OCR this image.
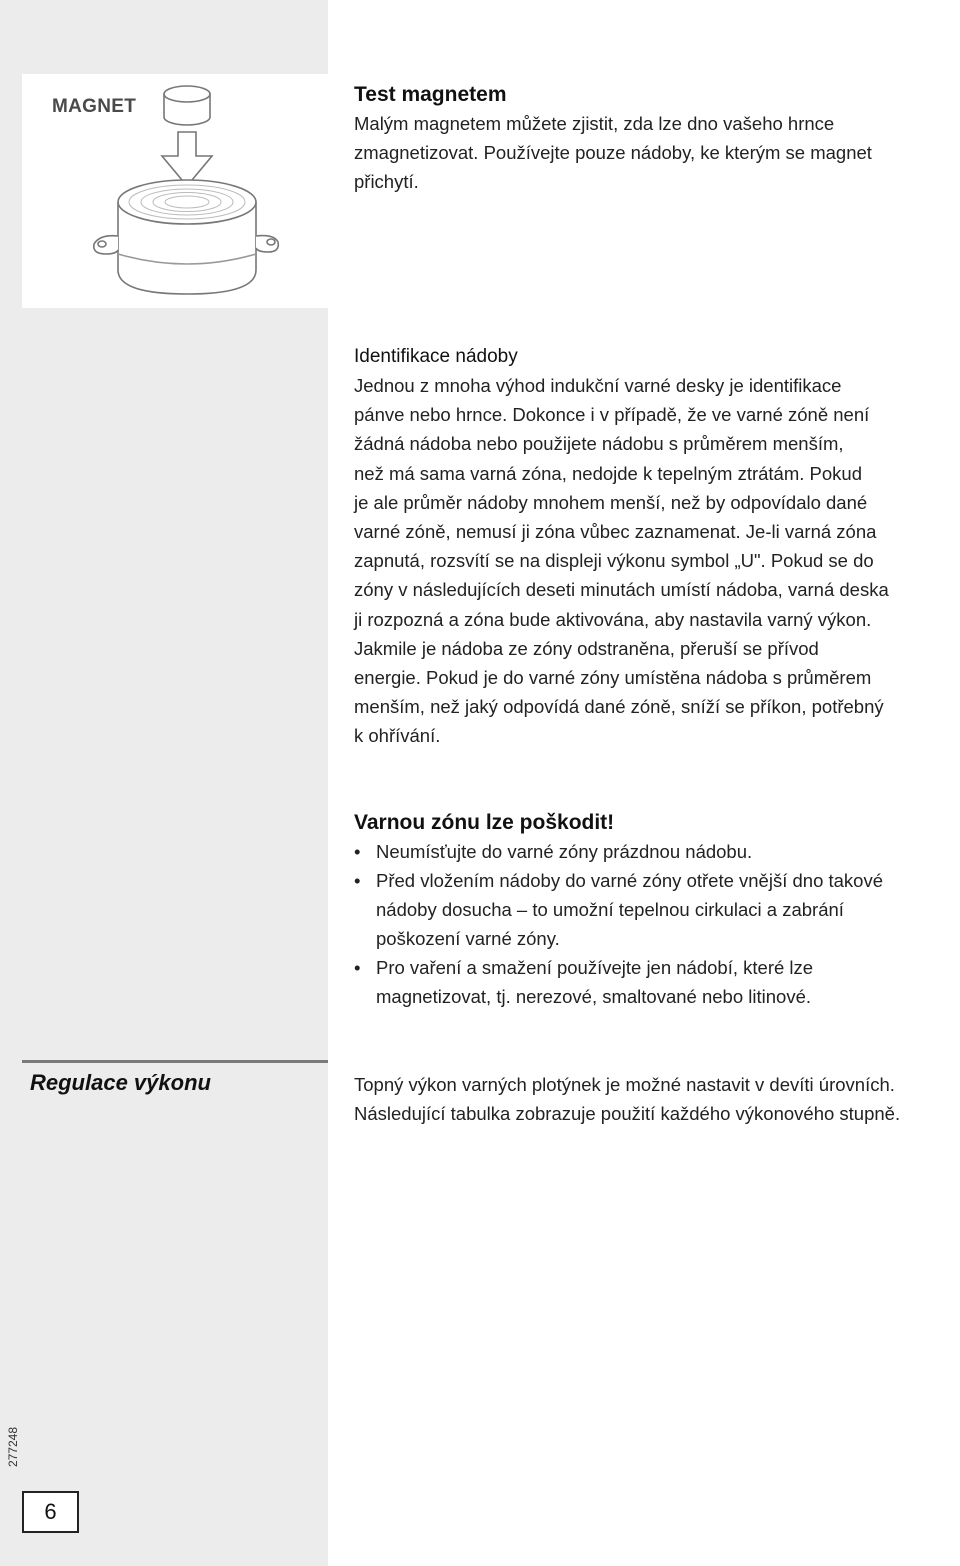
MAGNET
Test magnetem

Malým magnetem můžete zjistit, zda lze dno vašeho hrnce

zmagnetizovat. Používejte pouze nádoby, ke kterým se magnet

přichytí.

Identifikace nádoby

Jednou z mnoha výhod indukční varné desky je identifikace

pánve nebo hrnce. Dokonce i v případě, že ve varné zóně není

žádná nádoba nebo použijete nádobu s průměrem menším,

než má sama varná zóna, nedojde k tepelným ztrátám. Pokud

je ale průměr nádoby mnohem menší, než by odpovídalo dané

varné zóně, nemusí ji zóna vůbec zaznamenat. Je-li varná zóna

zapnutá, rozsvítí se na displeji výkonu symbol „U". Pokud se do

zóny v následujících deseti minutách umístí nádoba, varná deska

ji rozpozná a zóna bude aktivována, aby nastavila varný výkon.

Jakmile je nádoba ze zóny odstraněna, přeruší se přívod

energie. Pokud je do varné zóny umístěna nádoba s průměrem

menším, než jaký odpovídá dané zóně, sníží se příkon, potřebný

k ohřívání.

Varnou zónu lze poškodit!
• Neumísťujte do varné zóny prázdnou nádobu.
• Před vložením nádoby do varné zóny otřete vnější dno takové
nádoby dosucha – to umožní tepelnou cirkulaci a zabrání
poškození varné zóny.
• Pro vaření a smažení používejte jen nádobí, které lze
magnetizovat, tj. nerezové, smaltované nebo litinové.
Regulace výkonu	Topný výkon varných plotýnek je možné nastavit v devíti úrovních.

Následující tabulka zobrazuje použití každého výkonového stupně.

277248
6
